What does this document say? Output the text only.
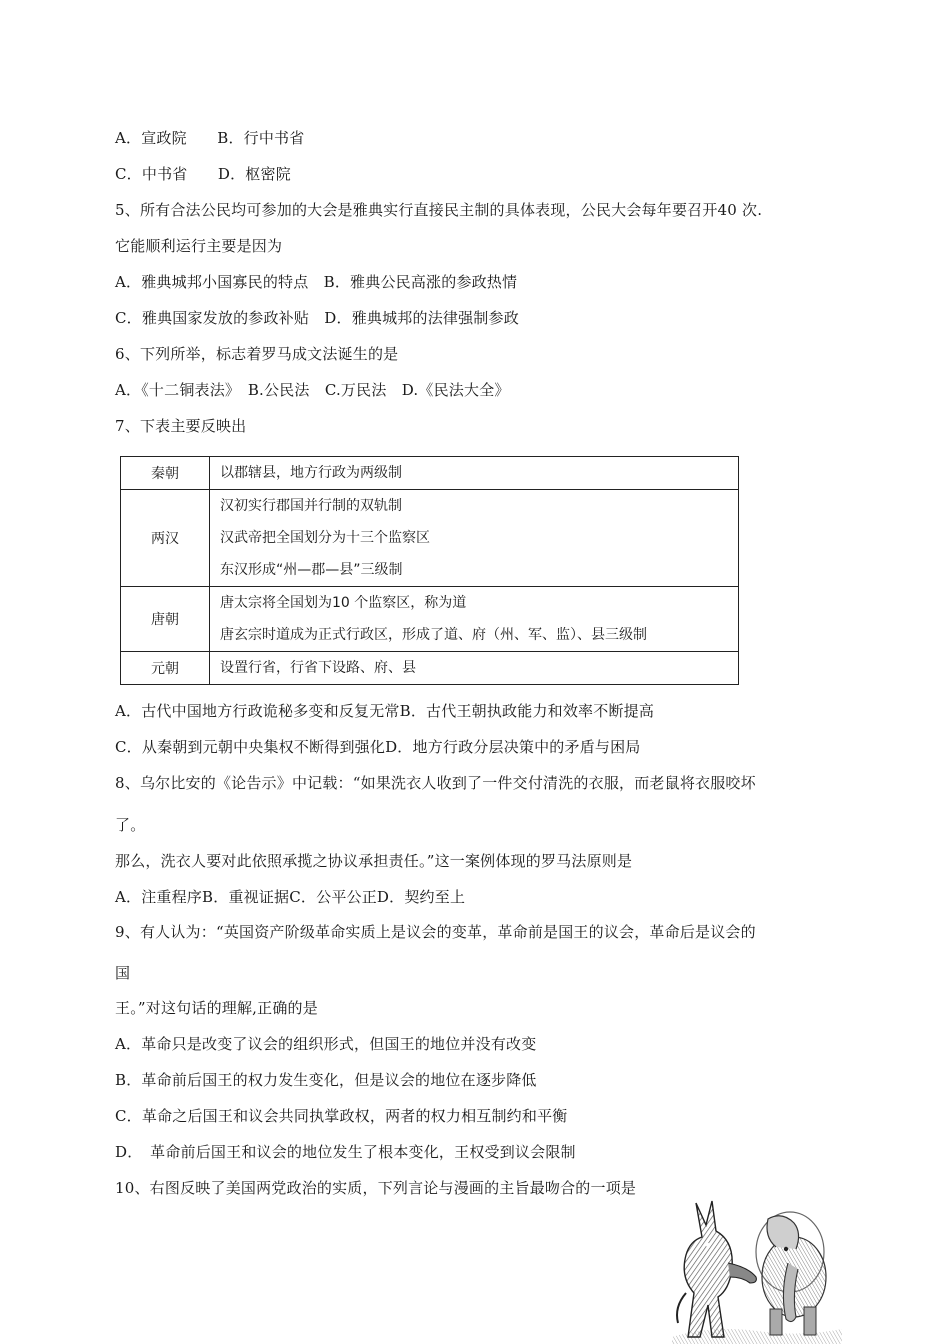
A．宣政院　　B．行中书省
C．中书省　　D．枢密院
5、所有合法公民均可参加的大会是雅典实行直接民主制的具体表现，公民大会每年要召开40 次.
它能顺利运行主要是因为
A．雅典城邦小国寡民的特点　B．雅典公民高涨的参政热情
C．雅典国家发放的参政补贴　D．雅典城邦的法律强制参政
6、下列所举，标志着罗马成文法诞生的是
A．《十二铜表法》　B.公民法　C.万民法　D.《民法大全》
7、下表主要反映出
秦朝	以郡辖县，地方行政为两级制

两汉	汉初实行郡国并行制的双轨制
汉武帝把全国划分为十三个监察区
东汉形成“州—郡—县”三级制

唐朝	唐太宗将全国划为10 个监察区，称为道
唐玄宗时道成为正式行政区，形成了道、府（州、军、监）、县三级制

元朝	设置行省，行省下设路、府、县
A．古代中国地方行政诡秘多变和反复无常B．古代王朝执政能力和效率不断提高
C．从秦朝到元朝中央集权不断得到强化D．地方行政分层决策中的矛盾与困局
8、乌尔比安的《论告示》中记载：“如果洗衣人收到了一件交付清洗的衣服，而老鼠将衣服咬坏
了。
那么，洗衣人要对此依照承揽之协议承担责任。”这一案例体现的罗马法原则是
A．注重程序B．重视证据C．公平公正D．契约至上
9、有人认为：“英国资产阶级革命实质上是议会的变革，革命前是国王的议会，革命后是议会的
国
王。”对这句话的理解,正确的是
A．革命只是改变了议会的组织形式，但国王的地位并没有改变
B．革命前后国王的权力发生变化，但是议会的地位在逐步降低
C．革命之后国王和议会共同执掌政权，两者的权力相互制约和平衡
D．　革命前后国王和议会的地位发生了根本变化，王权受到议会限制
10、右图反映了美国两党政治的实质，下列言论与漫画的主旨最吻合的一项是
